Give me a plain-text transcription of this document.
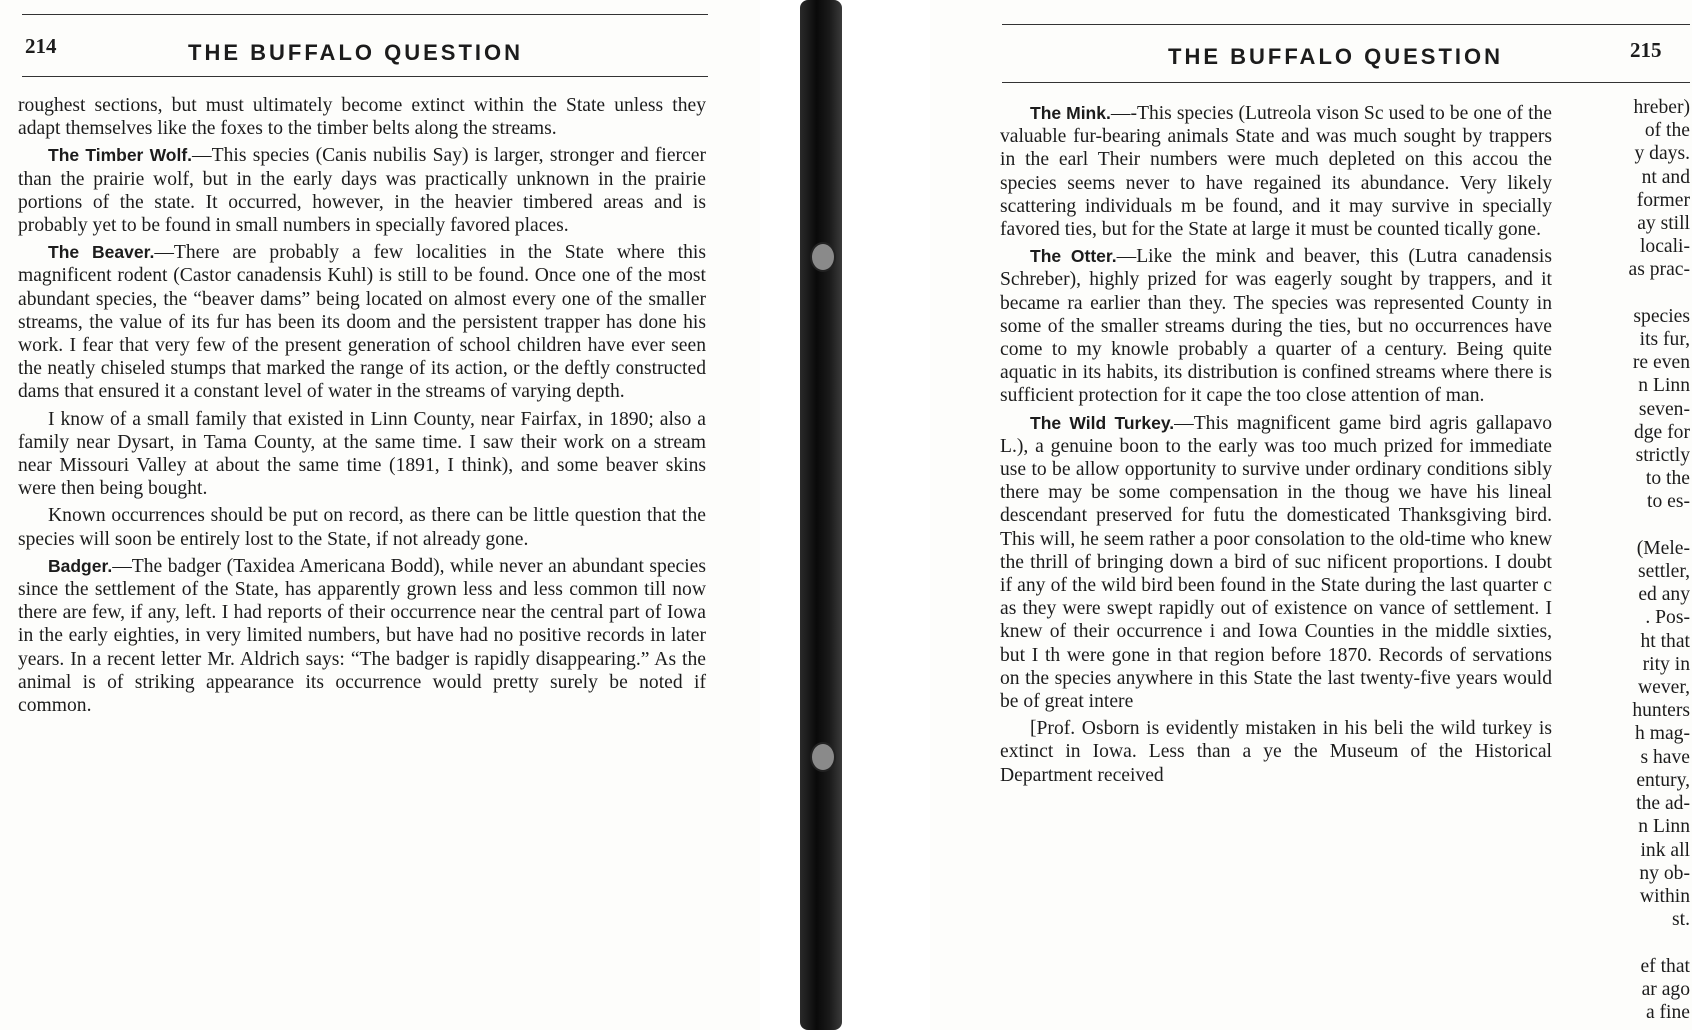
214	THE BUFFALO QUESTION

roughest sections, but must ultimately become extinct within the State unless they adapt themselves like the foxes to the timber belts along the streams.

The Timber Wolf.—This species (Canis nubilis Say) is larger, stronger and fiercer than the prairie wolf, but in the early days was practically unknown in the prairie portions of the state. It occurred, however, in the heavier timbered areas and is probably yet to be found in small numbers in specially favored places.

The Beaver.—There are probably a few localities in the State where this magnificent rodent (Castor canadensis Kuhl) is still to be found. Once one of the most abundant species, the “beaver dams” being located on almost every one of the smaller streams, the value of its fur has been its doom and the persistent trapper has done his work. I fear that very few of the present generation of school children have ever seen the neatly chiseled stumps that marked the range of its action, or the deftly constructed dams that ensured it a constant level of water in the streams of varying depth.

I know of a small family that existed in Linn County, near Fairfax, in 1890; also a family near Dysart, in Tama County, at the same time. I saw their work on a stream near Missouri Valley at about the same time (1891, I think), and some beaver skins were then being bought.

Known occurrences should be put on record, as there can be little question that the species will soon be entirely lost to the State, if not already gone.

Badger.—The badger (Taxidea Americana Bodd), while never an abundant species since the settlement of the State, has apparently grown less and less common till now there are few, if any, left. I had reports of their occurrence near the central part of Iowa in the early eighties, in very limited numbers, but have had no positive records in later years. In a recent letter Mr. Aldrich says: “The badger is rapidly disappearing.” As the animal is of striking appearance its occurrence would pretty surely be noted if common.

THE BUFFALO QUESTION	215

The Mink.—-This species (Lutreola vison Sc used to be one of the valuable fur-bearing animals State and was much sought by trappers in the earl Their numbers were much depleted on this accou the species seems never to have regained its abundance. Very likely scattering individuals m be found, and it may survive in specially favored ties, but for the State at large it must be counted tically gone.

The Otter.—Like the mink and beaver, this (Lutra canadensis Schreber), highly prized for was eagerly sought by trappers, and it became ra earlier than they. The species was represented County in some of the smaller streams during the ties, but no occurrences have come to my knowle probably a quarter of a century. Being quite aquatic in its habits, its distribution is confined streams where there is sufficient protection for it cape the too close attention of man.

The Wild Turkey.—This magnificent game bird agris gallapavo L.), a genuine boon to the early was too much prized for immediate use to be allow opportunity to survive under ordinary conditions sibly there may be some compensation in the thoug we have his lineal descendant preserved for futu the domesticated Thanksgiving bird. This will, he seem rather a poor consolation to the old-time who knew the thrill of bringing down a bird of suc nificent proportions. I doubt if any of the wild bird been found in the State during the last quarter c as they were swept rapidly out of existence on vance of settlement. I knew of their occurrence i and Iowa Counties in the middle sixties, but I th were gone in that region before 1870. Records of servations on the species anywhere in this State the last twenty-five years would be of great intere

[Prof. Osborn is evidently mistaken in his beli the wild turkey is extinct in Iowa. Less than a ye the Museum of the Historical Department received

hreber)
of the
y days.
nt and
former
ay still
locali-
as prac-

species
its fur,
re even
n Linn
seven-
dge for
strictly
to the
to es-

(Mele-
settler,
ed any
. Pos-
ht that
rity in
wever,
hunters
h mag-
s have
entury,
the ad-
n Linn
ink all
ny ob-
within
st.

ef that
ar ago
a fine
